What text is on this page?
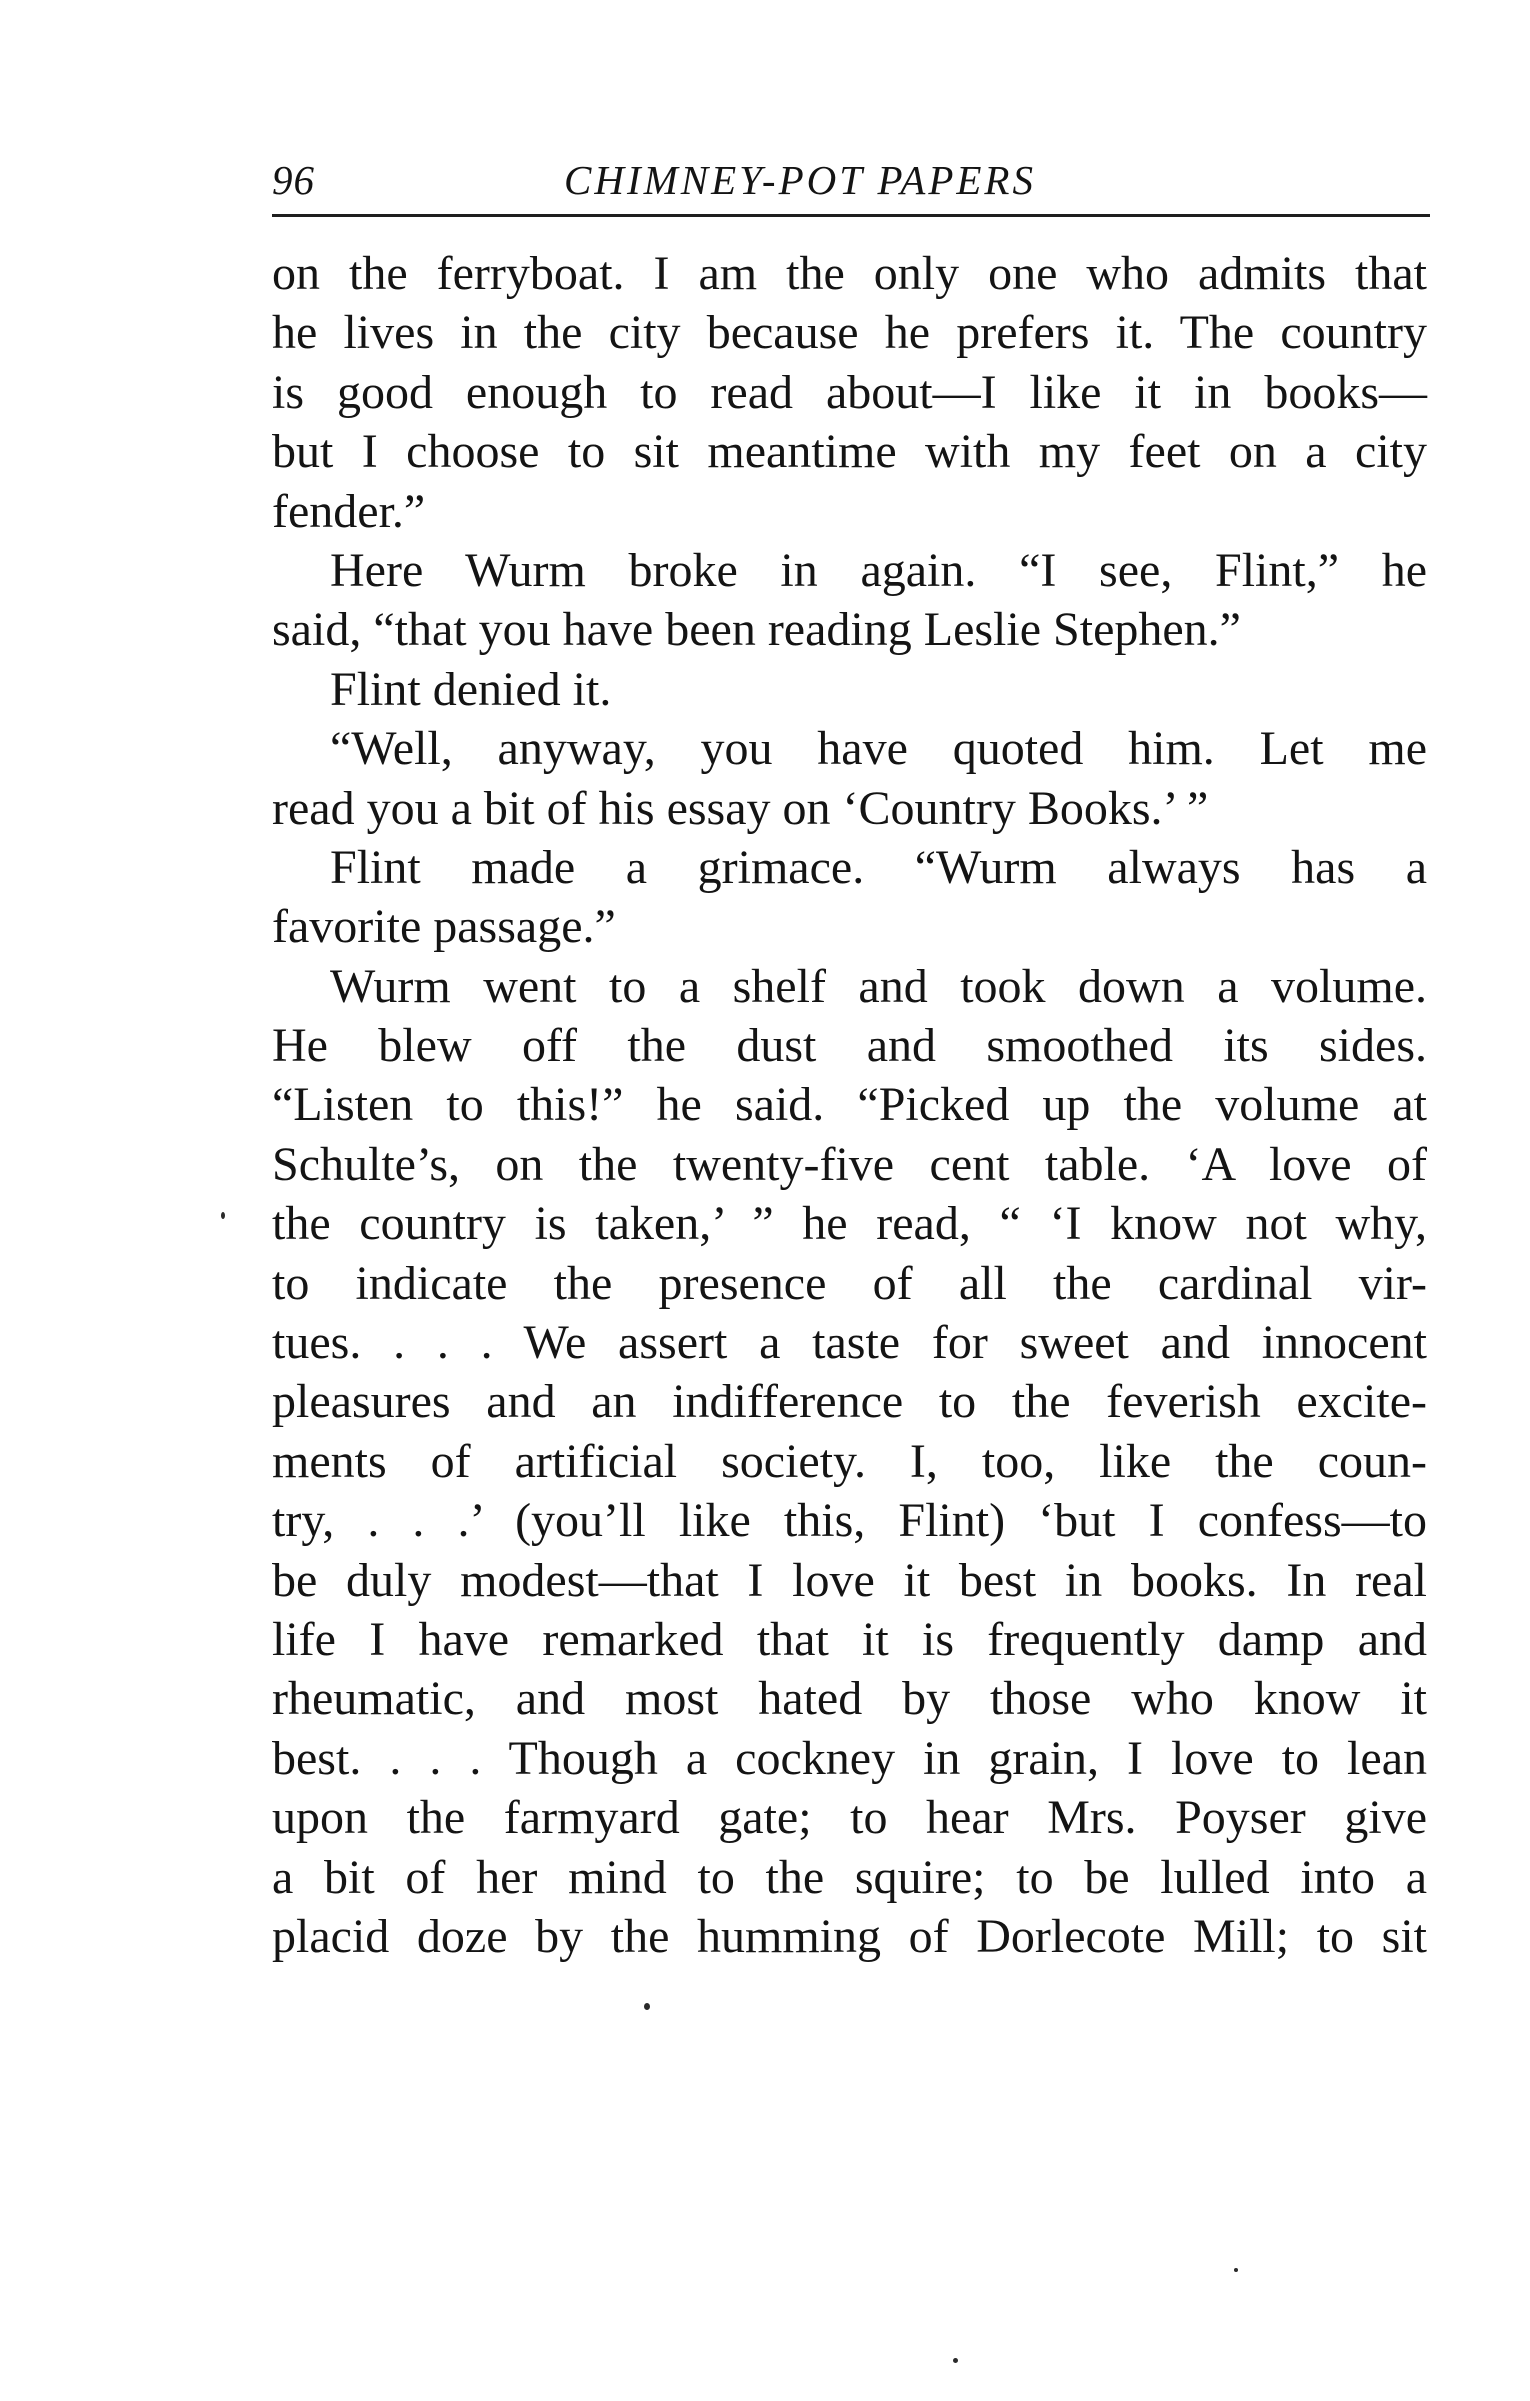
96	CHIMNEY-POT PAPERS
on the ferryboat. I am the only one who admits that
he lives in the city because he prefers it. The country
is good enough to read about—I like it in books—
but I choose to sit meantime with my feet on a city
fender.”
Here Wurm broke in again. “I see, Flint,” he
said, “that you have been reading Leslie Stephen.”
Flint denied it.
“Well, anyway, you have quoted him. Let me
read you a bit of his essay on ‘Country Books.’ ”
Flint made a grimace. “Wurm always has a
favorite passage.”
Wurm went to a shelf and took down a volume.
He blew off the dust and smoothed its sides.
“Listen to this!” he said. “Picked up the volume at
Schulte’s, on the twenty-five cent table. ‘A love of
the country is taken,’ ” he read, “ ‘I know not why,
to indicate the presence of all the cardinal vir-
tues. . . . We assert a taste for sweet and innocent
pleasures and an indifference to the feverish excite-
ments of artificial society. I, too, like the coun-
try, . . .’ (you’ll like this, Flint) ‘but I confess—to
be duly modest—that I love it best in books. In real
life I have remarked that it is frequently damp and
rheumatic, and most hated by those who know it
best. . . . Though a cockney in grain, I love to lean
upon the farmyard gate; to hear Mrs. Poyser give
a bit of her mind to the squire; to be lulled into a
placid doze by the humming of Dorlecote Mill; to sit
